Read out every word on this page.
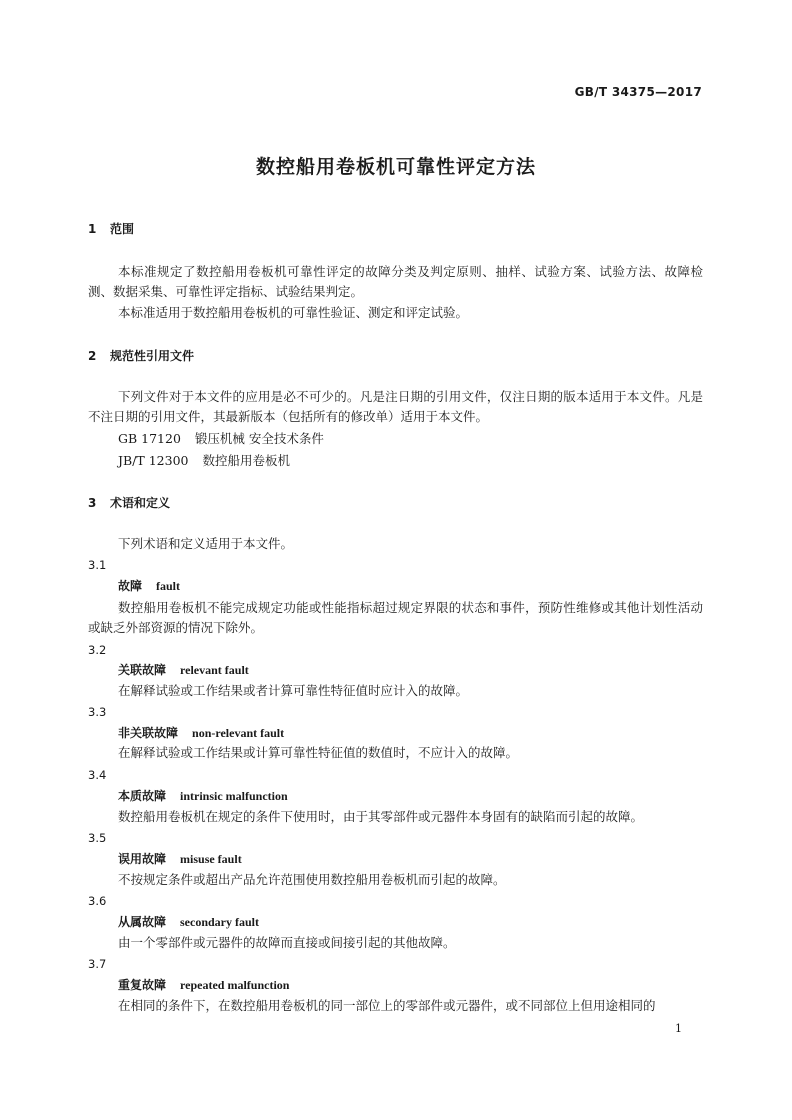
GB/T 34375—2017
数控船用卷板机可靠性评定方法
1 范围
本标准规定了数控船用卷板机可靠性评定的故障分类及判定原则、抽样、试验方案、试验方法、故障检测、数据采集、可靠性评定指标、试验结果判定。
本标准适用于数控船用卷板机的可靠性验证、测定和评定试验。
2 规范性引用文件
下列文件对于本文件的应用是必不可少的。凡是注日期的引用文件，仅注日期的版本适用于本文件。凡是不注日期的引用文件，其最新版本（包括所有的修改单）适用于本文件。
GB 17120 锻压机械 安全技术条件
JB/T 12300 数控船用卷板机
3 术语和定义
下列术语和定义适用于本文件。
3.1
故障 fault
数控船用卷板机不能完成规定功能或性能指标超过规定界限的状态和事件，预防性维修或其他计划性活动或缺乏外部资源的情况下除外。
3.2
关联故障 relevant fault
在解释试验或工作结果或者计算可靠性特征值时应计入的故障。
3.3
非关联故障 non-relevant fault
在解释试验或工作结果或计算可靠性特征值的数值时，不应计入的故障。
3.4
本质故障 intrinsic malfunction
数控船用卷板机在规定的条件下使用时，由于其零部件或元器件本身固有的缺陷而引起的故障。
3.5
误用故障 misuse fault
不按规定条件或超出产品允许范围使用数控船用卷板机而引起的故障。
3.6
从属故障 secondary fault
由一个零部件或元器件的故障而直接或间接引起的其他故障。
3.7
重复故障 repeated malfunction
在相同的条件下，在数控船用卷板机的同一部位上的零部件或元器件，或不同部位上但用途相同的
1
